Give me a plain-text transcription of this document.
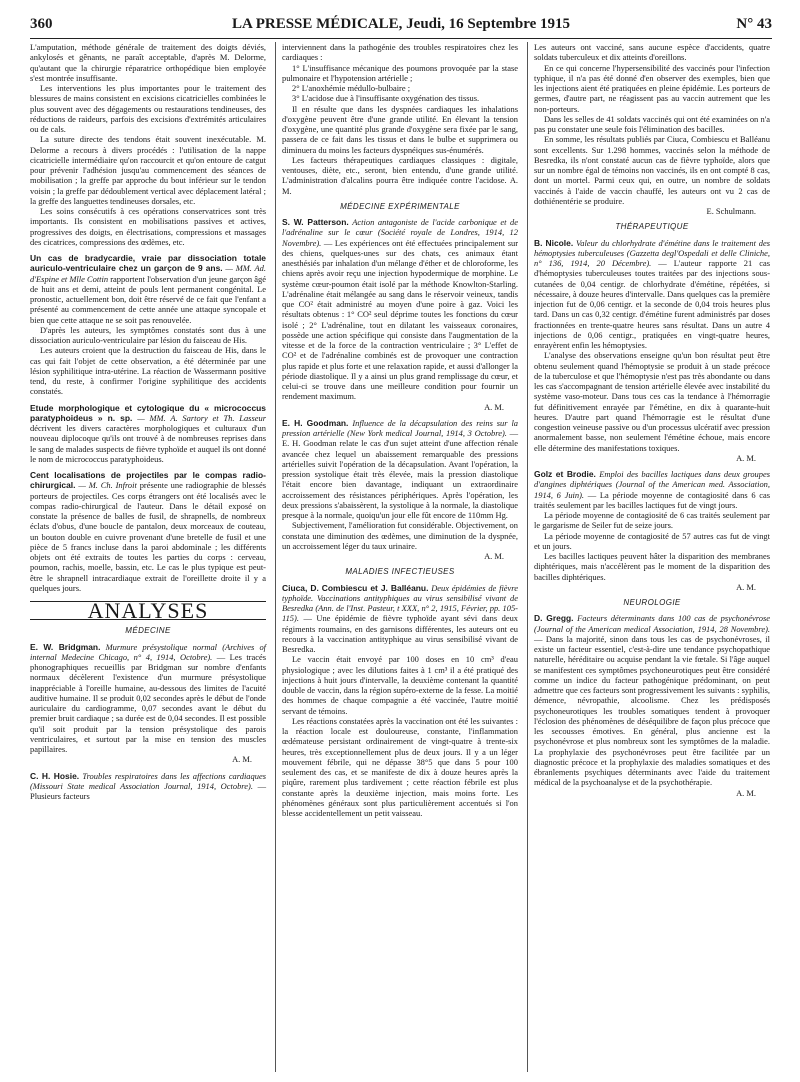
360	LA PRESSE MÉDICALE, Jeudi, 16 Septembre 1915	N° 43

L'amputation, méthode générale de traitement des doigts déviés, ankylosés et gênants, ne paraît acceptable, d'après M. Delorme, qu'autant que la chirurgie réparatrice orthopédique bien employée s'est montrée insuffisante.

Les interventions les plus importantes pour le traitement des blessures de mains consistent en excisions cicatricielles combinées le plus souvent avec des dégagements ou restaurations tendineuses, des réductions de raideurs, parfois des excisions d'extrémités articulaires ou de cals.

La suture directe des tendons était souvent inexécutable. M. Delorme a recours à divers procédés : l'utilisation de la nappe cicatricielle intermédiaire qu'on raccourcit et qu'on entoure de catgut pour prévenir l'adhésion jusqu'au commencement des séances de mobilisation ; la greffe par approche du bout inférieur sur le tendon voisin ; la greffe par dédoublement vertical avec déplacement latéral ; la greffe des languettes tendineuses dorsales, etc.

Les soins consécutifs à ces opérations conservatrices sont très importants. Ils consistent en mobilisations passives et actives, progressives des doigts, en électrisations, compressions et massages des cicatrices, compressions des œdèmes, etc.

Un cas de bradycardie, vraie par dissociation totale auriculo-ventriculaire chez un garçon de 9 ans. — MM. Ad. d'Espine et Mlle Cottin rapportent l'observation d'un jeune garçon âgé de huit ans et demi, atteint de pouls lent permanent congénital. Le pronostic, actuellement bon, doit être réservé de ce fait que l'enfant a présenté au commencement de cette année une attaque syncopale et bien que cette attaque ne se soit pas renouvelée.

D'après les auteurs, les symptômes constatés sont dus à une dissociation auriculo-ventriculaire par lésion du faisceau de His.

Les auteurs croient que la destruction du faisceau de His, dans le cas qui fait l'objet de cette observation, a été déterminée par une lésion syphilitique intra-utérine. La réaction de Wassermann positive tend, du reste, à confirmer l'origine syphilitique des accidents constatés.

Etude morphologique et cytologique du « micrococcus paratyphoideus » n. sp. — MM. A. Sartory et Th. Lasseur décrivent les divers caractères morphologiques et culturaux d'un nouveau diplocoque qu'ils ont trouvé à de nombreuses reprises dans le sang de malades suspects de fièvre typhoïde et auquel ils ont donné le nom de micrococcus paratyphoideus.

Cent localisations de projectiles par le compas radio-chirurgical. — M. Ch. Infroit présente une radiographie de blessés porteurs de projectiles. Ces corps étrangers ont été localisés avec le compas radio-chirurgical de l'auteur. Dans le détail exposé on constate la présence de balles de fusil, de shrapnells, de nombreux éclats d'obus, d'une boucle de pantalon, deux morceaux de couteau, un bouton double en cuivre provenant d'une bretelle de fusil et une pièce de 5 francs incluse dans la paroi abdominale ; les différents objets ont été extraits de toutes les parties du corps : cerveau, poumon, rachis, moelle, bassin, etc. Le cas le plus typique est peut-être le shrapnell intracardiaque extrait de l'oreillette droite il y a quelques jours.

ANALYSES
MÉDECINE

E. W. Bridgman. Murmure présystolique normal (Archives of internal Medecine Chicago, n° 4, 1914, Octobre). — Les tracés phonographiques recueillis par Bridgman sur nombre d'enfants normaux décèlerent l'existence d'un murmure présystolique inappréciable à l'oreille humaine, au-dessous des limites de l'acuité auditive humaine. Il se produit 0,02 secondes après le début de l'onde auriculaire du cardiogramme, 0,07 secondes avant le début du premier bruit cardiaque ; sa durée est de 0,04 secondes. Il est possible qu'il soit produit par la tension présystolique des parois ventriculaires, et surtout par la mise en tension des muscles papillaires.

A. M.

C. H. Hosie. Troubles respiratoires dans les affections cardiaques (Missouri State medical Association Journal, 1914, Octobre). — Plusieurs facteurs

interviennent dans la pathogénie des troubles respiratoires chez les cardiaques :

1° L'insuffisance mécanique des poumons provoquée par la stase pulmonaire et l'hypotension artérielle ;

2° L'anoxhémie médullo-bulbaire ;

3° L'acidose due à l'insuffisante oxygénation des tissus.

Il en résulte que dans les dyspnées cardiaques les inhalations d'oxygène peuvent être d'une grande utilité. En élevant la tension d'oxygène, une quantité plus grande d'oxygène sera fixée par le sang, passera de ce fait dans les tissus et dans le bulbe et supprimera ou diminuera du moins les facteurs dyspnéiques sus-énumérés.

Les facteurs thérapeutiques cardiaques classiques : digitale, ventouses, diète, etc., seront, bien entendu, d'une grande utilité. L'administration d'alcalins pourra être indiquée contre l'acidose. A. M.

MÉDECINE EXPÉRIMENTALE

S. W. Patterson. Action antagoniste de l'acide carbonique et de l'adrénaline sur le cœur (Société royale de Londres, 1914, 12 Novembre). — Les expériences ont été effectuées principalement sur des chiens, quelques-unes sur des chats, ces animaux étant anesthésiés par inhalation d'un mélange d'éther et de chloroforme, les chiens après avoir reçu une injection hypodermique de morphine. Le système cœur-poumon était isolé par la méthode Knowlton-Starling. L'adrénaline était mélangée au sang dans le réservoir veineux, tandis que CO² était administré au moyen d'une poire à gaz. Voici les résultats obtenus : 1° CO² seul déprime toutes les fonctions du cœur isolé ; 2° L'adrénaline, tout en dilatant les vaisseaux coronaires, possède une action spécifique qui consiste dans l'augmentation de la vitesse et de la force de la contraction ventriculaire ; 3° L'effet de CO² et de l'adrénaline combinés est de provoquer une contraction plus rapide et plus forte et une relaxation rapide, et aussi d'allonger la période diastolique. Il y a ainsi un plus grand remplissage du cœur, et celui-ci se trouve dans une meilleure condition pour fournir un rendement maximum.

A. M.

E. H. Goodman. Influence de la décapsulation des reins sur la pression artérielle (New York medical Journal, 1914, 3 Octobre). — E. H. Goodman relate le cas d'un sujet atteint d'une affection rénale avancée chez lequel un abaissement remarquable des pressions artérielles suivit l'opération de la décapsulation. Avant l'opération, la pression systolique était très élevée, mais la pression diastolique l'était encore bien davantage, indiquant un extraordinaire accroissement des résistances périphériques. Après l'opération, les deux pressions s'abaissèrent, la systolique à la normale, la diastolique presque à la normale, quoiqu'un jour elle fût encore de 110mm Hg.

Subjectivement, l'amélioration fut considérable. Objectivement, on constata une diminution des œdèmes, une diminution de la dyspnée, un accroissement léger du taux urinaire.

A. M.
MALADIES INFECTIEUSES

Ciuca, D. Combiescu et J. Balléanu. Deux épidémies de fièvre typhoïde. Vaccinations antityphiques au virus sensibilisé vivant de Besredka (Ann. de l'Inst. Pasteur, t XXX, n° 2, 1915, Février, pp. 105-115). — Une épidémie de fièvre typhoïde ayant sévi dans deux régiments roumains, en des garnisons différentes, les auteurs ont eu recours à la vaccination antityphique au virus sensibilisé vivant de Besredka.

Le vaccin était envoyé par 100 doses en 10 cm³ d'eau physiologique ; avec les dilutions faites à 1 cm³ il a été pratiqué des injections à huit jours d'intervalle, la deuxième contenant la quantité double de vaccin, dans la région supéro-externe de la fesse. La moitié des hommes de chaque compagnie a été vaccinée, l'autre moitié servant de témoins.

Les réactions constatées après la vaccination ont été les suivantes : la réaction locale est douloureuse, constante, l'inflammation œdémateuse persistant ordinairement de vingt-quatre à trente-six heures, très exceptionnellement plus de deux jours. Il y a un léger mouvement fébrile, qui ne dépasse 38°5 que dans 5 pour 100 seulement des cas, et se manifeste de dix à douze heures après la piqûre, rarement plus tardivement ; cette réaction fébrile est plus constante après la deuxième injection, mais moins forte. Les phénomènes généraux sont plus particulièrement accentués si l'on blesse accidentellement un petit vaisseau.

Les auteurs ont vacciné, sans aucune espèce d'accidents, quatre soldats tuberculeux et dix atteints d'oreillons.

En ce qui concerne l'hypersensibilité des vaccinés pour l'infection typhique, il n'a pas été donné d'en observer des exemples, bien que les injections aient été pratiquées en pleine épidémie. Les porteurs de germes, d'autre part, ne réagissent pas au vaccin autrement que les non-porteurs.

Dans les selles de 41 soldats vaccinés qui ont été examinées on n'a pas pu constater une seule fois l'élimination des bacilles.

En somme, les résultats publiés par Ciuca, Combiescu et Balléanu sont excellents. Sur 1.298 hommes, vaccinés selon la méthode de Besredka, ils n'ont constaté aucun cas de fièvre typhoïde, alors que sur un nombre égal de témoins non vaccinés, ils en ont compté 8 cas, dont un mortel. Parmi ceux qui, en outre, un nombre de soldats vaccinés à l'aide de vaccin chauffé, les auteurs ont vu 2 cas de dothiénentérie se produire.

E. Schulmann.
THÉRAPEUTIQUE

B. Nicole. Valeur du chlorhydrate d'émétine dans le traitement des hémoptysies tuberculeuses (Gazzetta degl'Ospedali et delle Cliniche, n° 136, 1914, 20 Décembre). — L'auteur rapporte 21 cas d'hémoptysies tuberculeuses toutes traitées par des injections sous-cutanées de 0,04 centigr. de chlorhydrate d'émétine, répétées, si nécessaire, à douze heures d'intervalle. Dans quelques cas la première injection fut de 0,06 centigr. et la seconde de 0,04 trois heures plus tard. Dans un cas 0,32 centigr. d'émétine furent administrés par doses fractionnées en trente-quatre heures sans résultat. Dans un autre 4 injections de 0,06 centigr., pratiquées en vingt-quatre heures, enrayèrent enfin les hémoptysies.

L'analyse des observations enseigne qu'un bon résultat peut être obtenu seulement quand l'hémoptysie se produit à un stade précoce de la tuberculose et que l'hémoptysie n'est pas très abondante ou dans les cas s'accompagnant de tension artérielle élevée avec instabilité du système vaso-moteur. Dans tous ces cas la tendance à l'hémorragie fut définitivement enrayée par l'émétine, en dix à quarante-huit heures. D'autre part quand l'hémorragie est le résultat d'une congestion veineuse passive ou d'un processus ulcératif avec pression anormalement basse, non seulement l'émétine échoue, mais encore elle détermine des manifestations toxiques.

A. M.

Golz et Brodie. Emploi des bacilles lactiques dans deux groupes d'angines diphtériques (Journal of the American med. Association, 1914, 6 Juin). — La période moyenne de contagiosité dans 6 cas traités seulement par les bacilles lactiques fut de vingt jours.

La période moyenne de contagiosité de 6 cas traités seulement par le gargarisme de Seiler fut de seize jours.

La période moyenne de contagiosité de 57 autres cas fut de vingt et un jours.

Les bacilles lactiques peuvent hâter la disparition des membranes diphtériques, mais n'accélèrent pas le moment de la disparition des bacilles diphtériques.

A. M.
NEUROLOGIE

D. Gregg. Facteurs déterminants dans 100 cas de psychonévrose (Journal of the American medical Association, 1914, 28 Novembre). — Dans la majorité, sinon dans tous les cas de psychonévroses, il existe un facteur essentiel, c'est-à-dire une tendance psychopathique naturelle, héréditaire ou acquise pendant la vie fœtale. Si l'âge auquel se manifestent ces symptômes psychoneurotiques peut être considéré comme un indice du facteur pathogénique prédominant, on peut admettre que ces facteurs sont progressivement les suivants : syphilis, démence, névropathie, alcoolisme. Chez les prédisposés psychoneurotiques les troubles somatiques tendent à provoquer l'éclosion des phénomènes de déséquilibre de façon plus précoce que les secousses émotives. En général, plus ancienne est la psychonévrose et plus nombreux sont les symptômes de la maladie. La prophylaxie des psychonévroses peut être facilitée par un diagnostic précoce et la prophylaxie des maladies somatiques et des ébranlements psychiques déterminants avec l'aide du traitement médical de la psychoanalyse et de la psychothérapie.

A. M.
